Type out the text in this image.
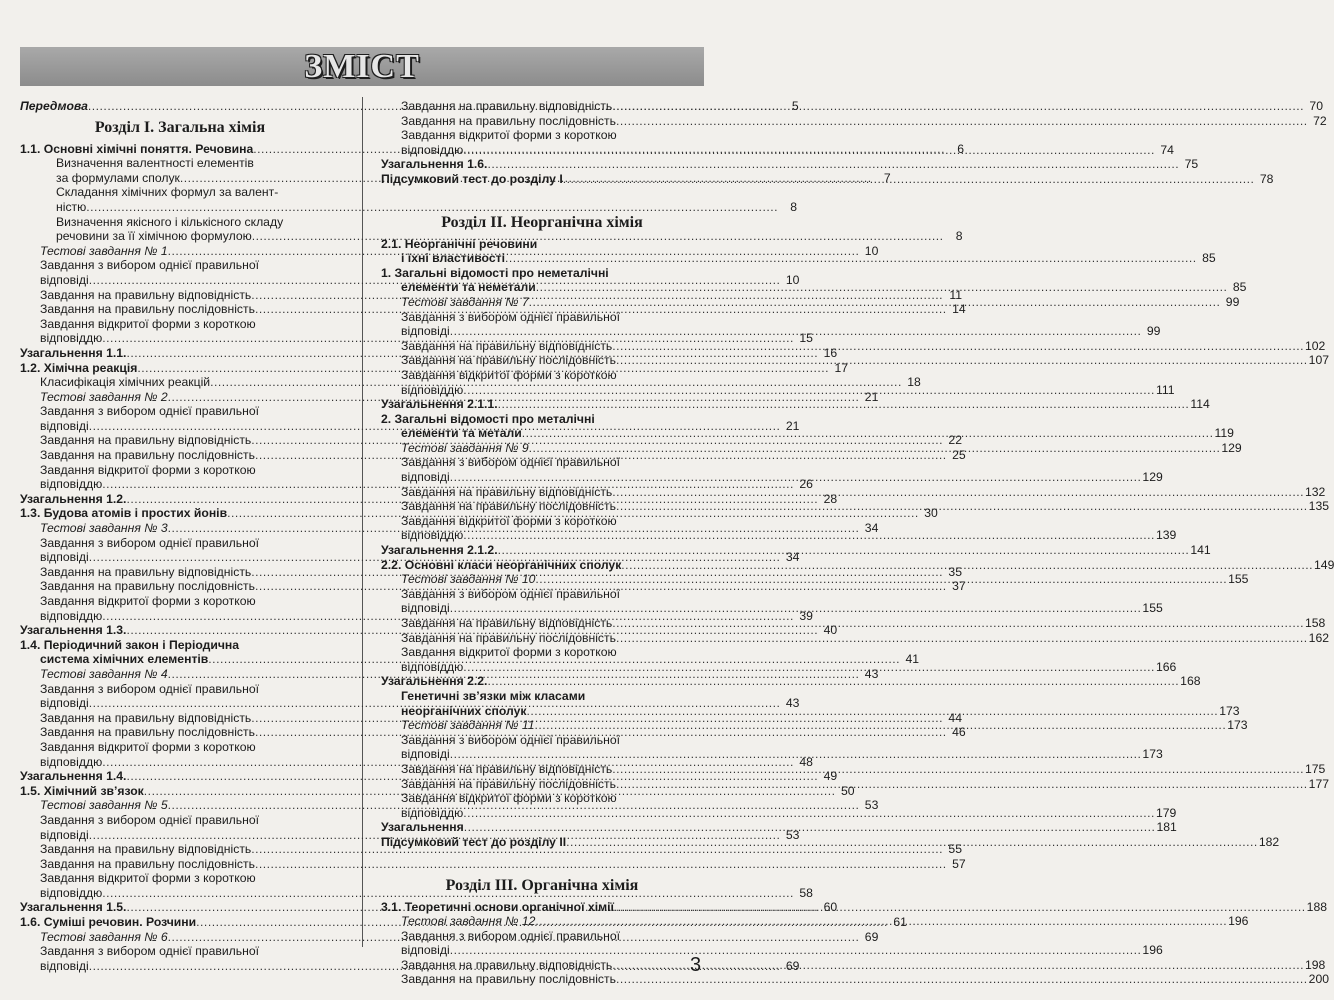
ЗМІСТ
Передмова .....	5
Розділ I. Загальна хімія
1.1. Основні хімічні поняття. Речовина .....	6
Визначення валентності елементів
за формулами сполук .....	7
Складання хімічних формул за валент-
ністю .....	8
Визначення якісного і кількісного складу
речовини за її хімічною формулою .....	8
Тестові завдання № 1 .....	10
Завдання з вибором однієї правильної
відповіді .....	10
Завдання на правильну відповідність .....	11
Завдання на правильну послідовність .....	14
Завдання відкритої форми з короткою
відповіддю .....	15
Узагальнення 1.1. .....	16
1.2. Хімічна реакція .....	17
Класифікація хімічних реакцій .....	18
Тестові завдання № 2 .....	21
Завдання з вибором однієї правильної
відповіді .....	21
Завдання на правильну відповідність .....	22
Завдання на правильну послідовність .....	25
Завдання відкритої форми з короткою
відповіддю .....	26
Узагальнення 1.2. .....	28
1.3. Будова атомів і простих йонів .....	30
Тестові завдання № 3 .....	34
Завдання з вибором однієї правильної
відповіді .....	34
Завдання на правильну відповідність .....	35
Завдання на правильну послідовність .....	37
Завдання відкритої форми з короткою
відповіддю .....	39
Узагальнення 1.3. .....	40
1.4. Періодичний закон і Періодична
система хімічних елементів .....	41
Тестові завдання № 4 .....	43
Завдання з вибором однієї правильної
відповіді .....	43
Завдання на правильну відповідність .....	44
Завдання на правильну послідовність .....	46
Завдання відкритої форми з короткою
відповіддю .....	48
Узагальнення 1.4. .....	49
1.5. Хімічний зв’язок .....	50
Тестові завдання № 5 .....	53
Завдання з вибором однієї правильної
відповіді .....	53
Завдання на правильну відповідність .....	55
Завдання на правильну послідовність .....	57
Завдання відкритої форми з короткою
відповіддю .....	58
Узагальнення 1.5. .....	60
1.6. Суміші речовин. Розчини .....	61
Тестові завдання № 6 .....	69
Завдання з вибором однієї правильної
відповіді .....	69
Завдання на правильну відповідність .....	70
Завдання на правильну послідовність .....	72
Завдання відкритої форми з короткою
відповіддю .....	74
Узагальнення 1.6. .....	75
Підсумковий тест до розділу І .....	78
Розділ II. Неорганічна хімія
2.1. Неорганічні речовини
і їхні властивості .....	85
1. Загальні відомості про неметалічні
елементи та неметали .....	85
Тестові завдання № 7 .....	99
Завдання з вибором однієї правильної
відповіді .....	99
Завдання на правильну відповідність .....	102
Завдання на правильну послідовність .....	107
Завдання відкритої форми з короткою
відповіддю .....	111
Узагальнення 2.1.1. .....	114
2. Загальні відомості про металічні
елементи та метали .....	119
Тестові завдання № 9 .....	129
Завдання з вибором однієї правильної
відповіді .....	129
Завдання на правильну відповідність .....	132
Завдання на правильну послідовність .....	135
Завдання відкритої форми з короткою
відповіддю .....	139
Узагальнення 2.1.2. .....	141
2.2. Основні класи неорганічних сполук .....	149
Тестові завдання № 10 .....	155
Завдання з вибором однієї правильної
відповіді .....	155
Завдання на правильну відповідність .....	158
Завдання на правильну послідовність .....	162
Завдання відкритої форми з короткою
відповіддю .....	166
Узагальнення 2.2. .....	168
Генетичні зв’язки між класами
неорганічних сполук .....	173
Тестові завдання № 11 .....	173
Завдання з вибором однієї правильної
відповіді .....	173
Завдання на правильну відповідність .....	175
Завдання на правильну послідовність .....	177
Завдання відкритої форми з короткою
відповіддю .....	179
Узагальнення .....	181
Підсумковий тест до розділу II .....	182
Розділ III. Органічна хімія
3.1. Теоретичні основи органічної хімії .....	188
Тестові завдання № 12 .....	196
Завдання з вибором однієї правильної
відповіді .....	196
Завдання на правильну відповідність .....	198
Завдання на правильну послідовність .....	200
3
